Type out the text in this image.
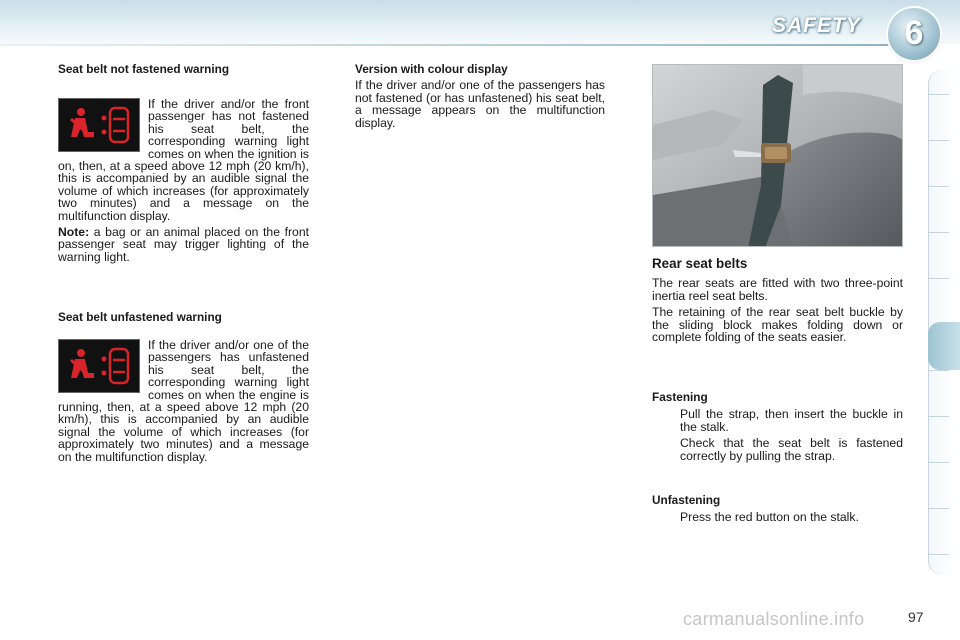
SAFETY	6

Seat belt not fastened warning

If the driver and/or the front passenger has not fastened his seat belt, the corresponding warning light comes on when the ignition is on, then, at a speed above 12 mph (20 km/h), this is accompanied by an audible signal the volume of which increases (for approximately two minutes) and a message on the multifunction display.

Note: a bag or an animal placed on the front passenger seat may trigger lighting of the warning light.

Seat belt unfastened warning

If the driver and/or one of the passengers has unfastened his seat belt, the corresponding warning light comes on when the engine is running, then, at a speed above 12 mph (20 km/h), this is accompanied by an audible signal the volume of which increases (for approximately two minutes) and a message on the multifunction display.

Version with colour display

If the driver and/or one of the passengers has not fastened (or has unfastened) his seat belt, a message appears on the multifunction display.

Rear seat belts

The rear seats are fitted with two three-point inertia reel seat belts.

The retaining of the rear seat belt buckle by the sliding block makes folding down or complete folding of the seats easier.

Fastening

Pull the strap, then insert the buckle in the stalk.

Check that the seat belt is fastened correctly by pulling the strap.

Unfastening

Press the red button on the stalk.

carmanualsonline.info	97
